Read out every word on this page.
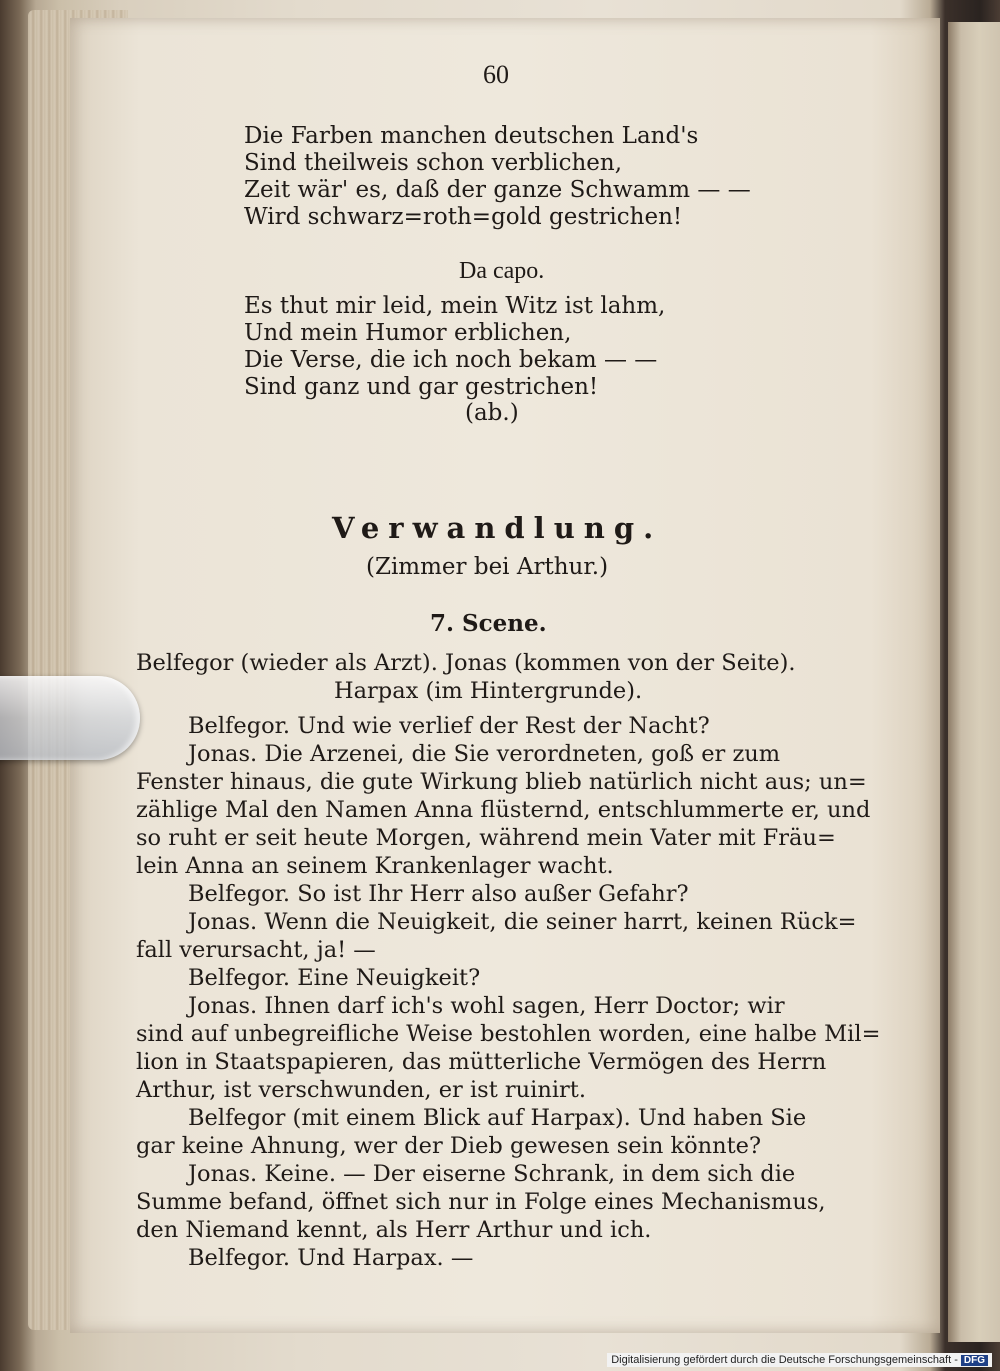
60
Die Farben manchen deutschen Land's
Sind theilweis schon verblichen,
Zeit wär' es, daß der ganze Schwamm — —
Wird schwarz=roth=gold gestrichen!
Da capo.
Es thut mir leid, mein Witz ist lahm,
Und mein Humor erblichen,
Die Verse, die ich noch bekam — —
Sind ganz und gar gestrichen!
(ab.)
Verwandlung.
(Zimmer bei Arthur.)
7. Scene.
Belfegor (wieder als Arzt). Jonas (kommen von der Seite).
Harpax (im Hintergrunde).
Belfegor. Und wie verlief der Rest der Nacht?
Jonas. Die Arzenei, die Sie verordneten, goß er zum
Fenster hinaus, die gute Wirkung blieb natürlich nicht aus; un=
zählige Mal den Namen Anna flüsternd, entschlummerte er, und
so ruht er seit heute Morgen, während mein Vater mit Fräu=
lein Anna an seinem Krankenlager wacht.
Belfegor. So ist Ihr Herr also außer Gefahr?
Jonas. Wenn die Neuigkeit, die seiner harrt, keinen Rück=
fall verursacht, ja! —
Belfegor. Eine Neuigkeit?
Jonas. Ihnen darf ich's wohl sagen, Herr Doctor; wir
sind auf unbegreifliche Weise bestohlen worden, eine halbe Mil=
lion in Staatspapieren, das mütterliche Vermögen des Herrn
Arthur, ist verschwunden, er ist ruinirt.
Belfegor (mit einem Blick auf Harpax). Und haben Sie
gar keine Ahnung, wer der Dieb gewesen sein könnte?
Jonas. Keine. — Der eiserne Schrank, in dem sich die
Summe befand, öffnet sich nur in Folge eines Mechanismus,
den Niemand kennt, als Herr Arthur und ich.
Belfegor. Und Harpax. —
Digitalisierung gefördert durch die Deutsche Forschungsgemeinschaft - DFG
